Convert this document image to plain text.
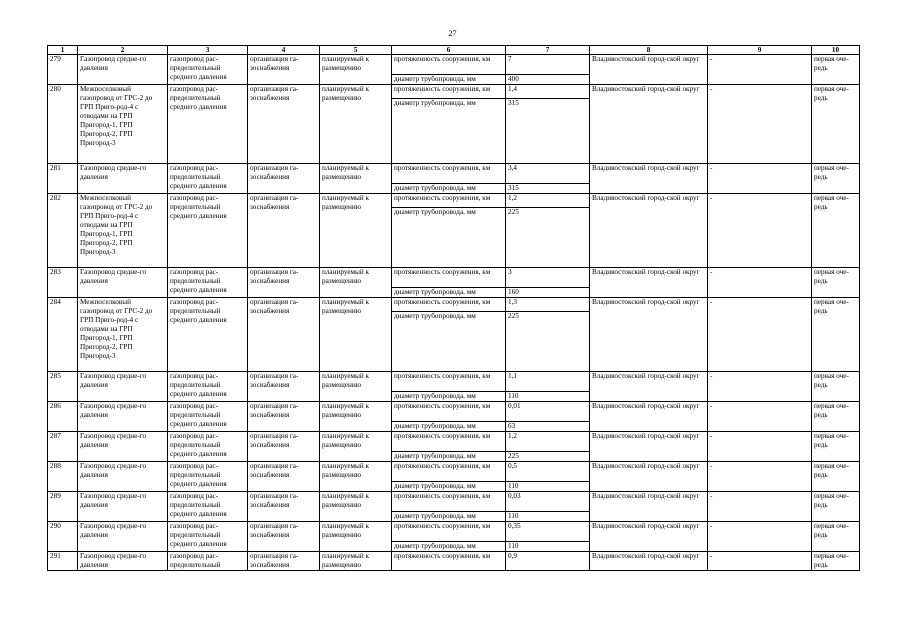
27
1	2	3	4	5	6	7	8	9	10
279	Газопровод средне-го давления	газопровод рас-пределительный среднего давления	организация га-зоснабжения	планируемый к размещению	протяженность сооружения, км	7	Владивостокский город-ской округ	-	первая оче-редь
					диаметр трубопровода, мм	400			
280	Межпоселковый газопровод от ГРС-2 до ГРП Приго-род-4 с отводами на ГРП Пригород-1, ГРП Пригород-2, ГРП Пригород-3	газопровод рас-пределительный среднего давления	организация га-зоснабжения	планируемый к размещению	протяженность сооружения, км	1,4	Владивостокский город-ской округ	-	первая оче-редь
					диаметр трубопровода, мм	315			
281	Газопровод средне-го давления	газопровод рас-пределительный среднего давления	организация га-зоснабжения	планируемый к размещению	протяженность сооружения, км	3,4	Владивостокский город-ской округ	-	первая оче-редь
					диаметр трубопровода, мм	315			
282	Межпоселковый газопровод от ГРС-2 до ГРП Приго-род-4 с отводами на ГРП Пригород-1, ГРП Пригород-2, ГРП Пригород-3	газопровод рас-пределительный среднего давления	организация га-зоснабжения	планируемый к размещению	протяженность сооружения, км	1,2	Владивостокский город-ской округ	-	первая оче-редь
					диаметр трубопровода, мм	225			
283	Газопровод средне-го давления	газопровод рас-пределительный среднего давления	организация га-зоснабжения	планируемый к размещению	протяженность сооружения, км	3	Владивостокский город-ской округ	-	первая оче-редь
					диаметр трубопровода, мм	160			
284	Межпоселковый газопровод от ГРС-2 до ГРП Приго-род-4 с отводами на ГРП Пригород-1, ГРП Пригород-2, ГРП Пригород-3	газопровод рас-пределительный среднего давления	организация га-зоснабжения	планируемый к размещению	протяженность сооружения, км	1,3	Владивостокский город-ской округ	-	первая оче-редь
					диаметр трубопровода, мм	225			
285	Газопровод средне-го давления	газопровод рас-пределительный среднего давления	организация га-зоснабжения	планируемый к размещению	протяженность сооружения, км	1,1	Владивостокский город-ской округ	-	первая оче-редь
					диаметр трубопровода, мм	110			
286	Газопровод средне-го давления	газопровод рас-пределительный среднего давления	организация га-зоснабжения	планируемый к размещению	протяженность сооружения, км	0,01	Владивостокский город-ской округ	-	первая оче-редь
					диаметр трубопровода, мм	63			
287	Газопровод средне-го давления	газопровод рас-пределительный среднего давления	организация га-зоснабжения	планируемый к размещению	протяженность сооружения, км	1,2	Владивостокский город-ской округ	-	первая оче-редь
					диаметр трубопровода, мм	225			
288	Газопровод средне-го давления	газопровод рас-пределительный среднего давления	организация га-зоснабжения	планируемый к размещению	протяженность сооружения, км	0,5	Владивостокский город-ской округ	-	первая оче-редь
					диаметр трубопровода, мм	110			
289	Газопровод средне-го давления	газопровод рас-пределительный среднего давления	организация га-зоснабжения	планируемый к размещению	протяженность сооружения, км	0,03	Владивостокский город-ской округ	-	первая оче-редь
					диаметр трубопровода, мм	110			
290	Газопровод средне-го давления	газопровод рас-пределительный среднего давления	организация га-зоснабжения	планируемый к размещению	протяженность сооружения, км	0,35	Владивостокский город-ской округ	-	первая оче-редь
					диаметр трубопровода, мм	110			
291	Газопровод средне-го давления	газопровод рас-пределительный	организация га-зоснабжения	планируемый к размещению	протяженность сооружения, км	0,9	Владивостокский город-ской округ	-	первая оче-редь
